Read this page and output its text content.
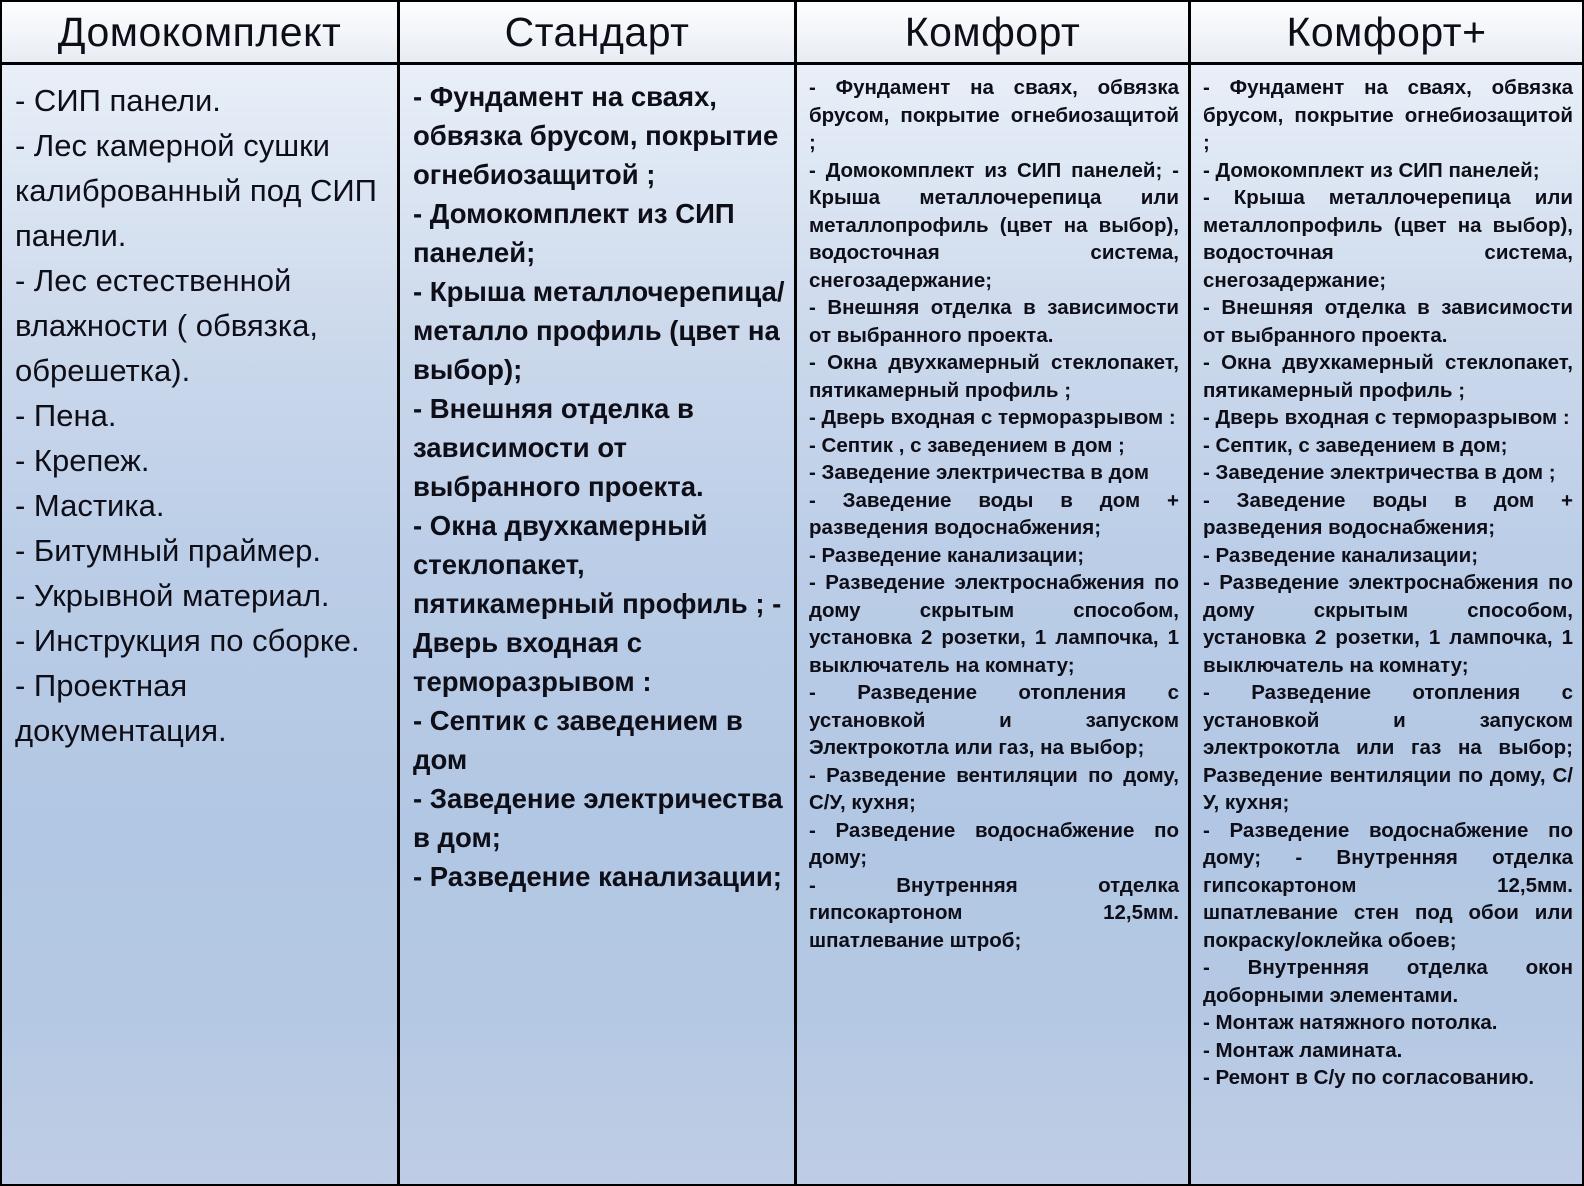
Домокомплект

- СИП панели.

- Лес камерной сушки калиброванный под СИП панели.

- Лес естественной влажности ( обвязка, обрешетка).

- Пена.

- Крепеж.

- Мастика.

- Битумный праймер.

- Укрывной материал.

- Инструкция по сборке.

- Проектная документация.

Стандарт

- Фундамент на сваях, обвязка брусом, покрытие огнебиозащитой ;

- Домокомплект из СИП панелей;

- Крыша металлочерепица/металло профиль (цвет на выбор);

- Внешняя отделка в зависимости от выбранного проекта.

- Окна двухкамерный стеклопакет, пятикамерный профиль ; - Дверь входная с терморазрывом :

- Септик с заведением в дом

- Заведение электричества в дом;

- Разведение канализации;

Комфорт

- Фундамент на сваях, обвязка брусом, покрытие огнебиозащитой ;

- Домокомплект из СИП панелей; - Крыша металлочерепица или металлопрофиль (цвет на выбор), водосточная система, снегозадержание;

- Внешняя отделка в зависимости от выбранного проекта.

- Окна двухкамерный стеклопакет, пятикамерный профиль ;

- Дверь входная с терморазрывом :

- Септик , с заведением в дом ;

- Заведение электричества в дом

- Заведение воды в дом + разведения водоснабжения;

- Разведение канализации;

- Разведение электроснабжения по дому скрытым способом, установка 2 розетки, 1 лампочка, 1 выключатель на комнату;

- Разведение отопления с установкой и запуском Электрокотла или газ, на выбор;

- Разведение вентиляции по дому, С/У, кухня;

- Разведение водоснабжение по дому;

- Внутренняя отделка гипсокартоном 12,5мм. шпатлевание штроб;

Комфорт+

- Фундамент на сваях, обвязка брусом, покрытие огнебиозащитой ;

- Домокомплект из СИП панелей;

- Крыша металлочерепица или металлопрофиль (цвет на выбор), водосточная система, снегозадержание;

- Внешняя отделка в зависимости от выбранного проекта.

- Окна двухкамерный стеклопакет, пятикамерный профиль ;

- Дверь входная с терморазрывом :

- Септик, с заведением в дом;

- Заведение электричества в дом ;

- Заведение воды в дом + разведения водоснабжения;

- Разведение канализации;

- Разведение электроснабжения по дому скрытым способом, установка 2 розетки, 1 лампочка, 1 выключатель на комнату;

- Разведение отопления с установкой и запуском электрокотла или газ на выбор; Разведение вентиляции по дому, С/У, кухня;

- Разведение водоснабжение по дому; - Внутренняя отделка гипсокартоном 12,5мм. шпатлевание стен под обои или покраску/оклейка обоев;

- Внутренняя отделка окон доборными элементами.

- Монтаж натяжного потолка.

- Монтаж ламината.

- Ремонт в С/у по согласованию.
